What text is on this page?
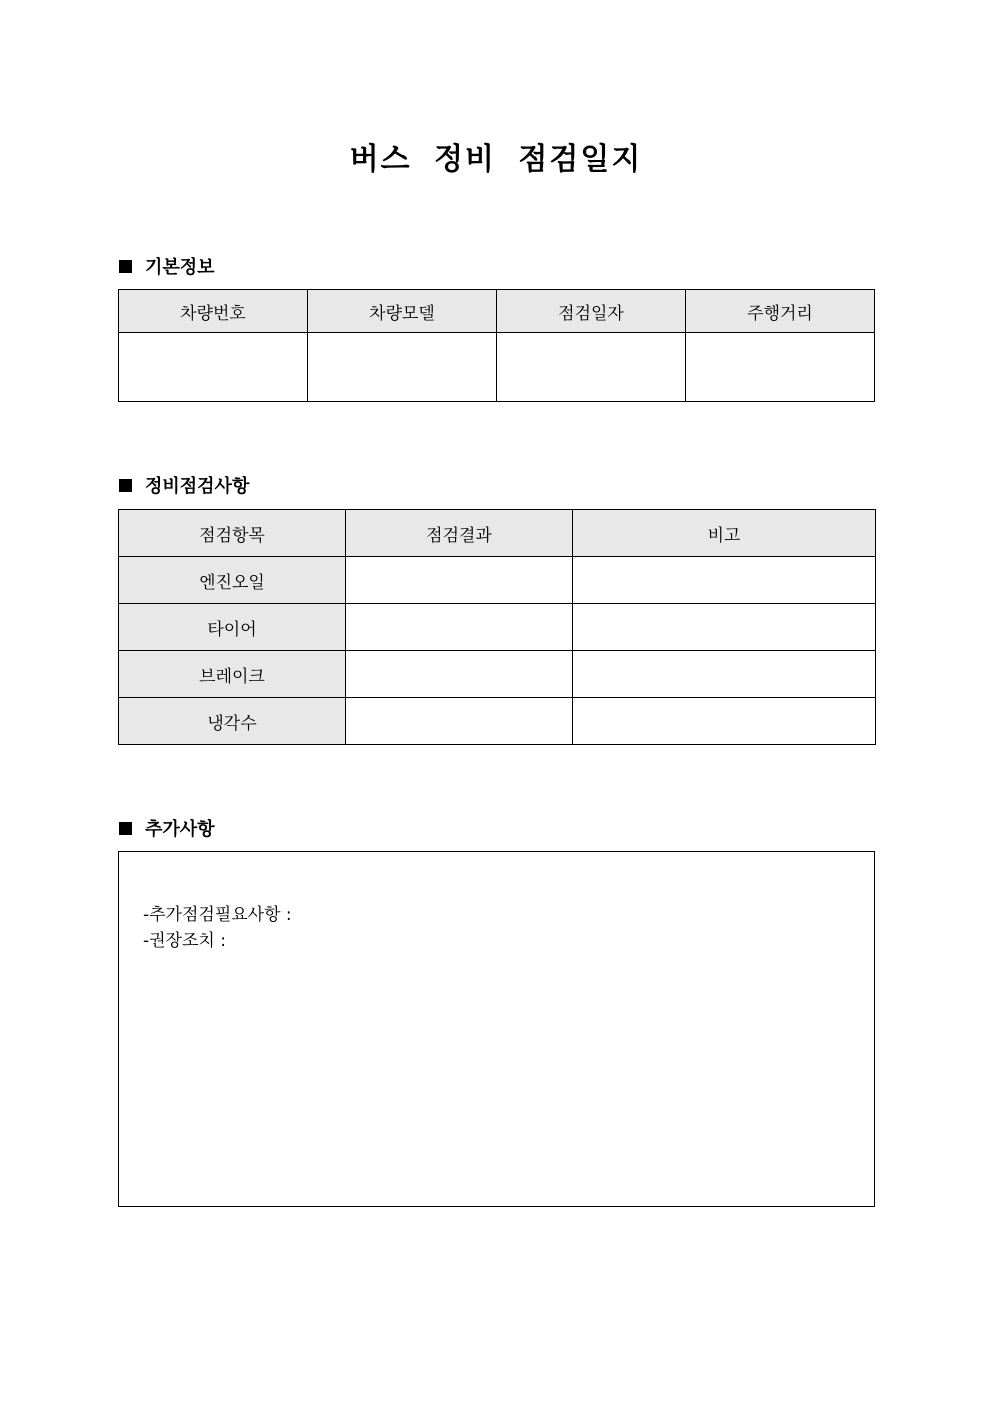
버스 정비 점검일지
기본정보
차량번호	차량모델	점검일자	주행거리

정비점검사항
점검항목	점검결과	비고
엔진오일		
타이어		
브레이크		
냉각수		
추가사항
-추가점검필요사항 :
-권장조치 :
